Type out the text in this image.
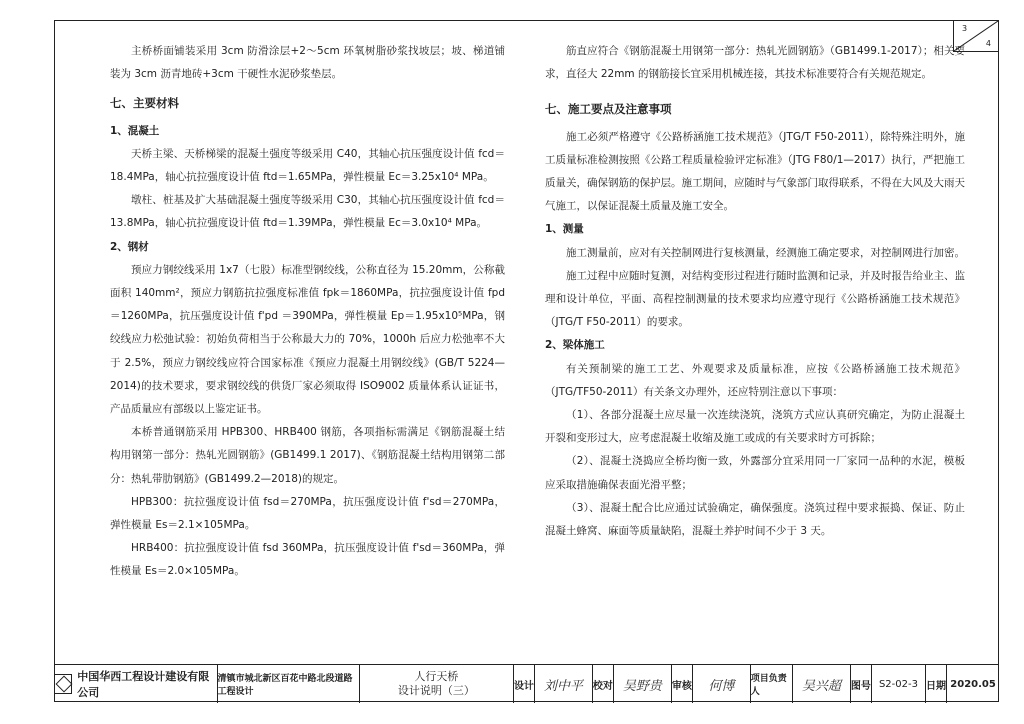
3
4

主桥桥面铺装采用 3cm 防滑涂层+2～5cm 环氧树脂砂浆找坡层；坡、梯道铺装为 3cm 沥青地砖+3cm 干硬性水泥砂浆垫层。

七、主要材料
1、混凝土

天桥主梁、天桥梯梁的混凝土强度等级采用 C40，其轴心抗压强度设计值 fcd＝18.4MPa，轴心抗拉强度设计值 ftd＝1.65MPa，弹性模量 Ec＝3.25x10⁴ MPa。

墩柱、桩基及扩大基础混凝土强度等级采用 C30，其轴心抗压强度设计值 fcd＝13.8MPa，轴心抗拉强度设计值 ftd＝1.39MPa，弹性模量 Ec＝3.0x10⁴ MPa。

2、钢材

预应力钢绞线采用 1x7（七股）标准型钢绞线，公称直径为 15.20mm，公称截面积 140mm²，预应力钢筋抗拉强度标准值 fpk＝1860MPa，抗拉强度设计值 fpd＝1260MPa，抗压强度设计值 f'pd ＝390MPa，弹性模量 Ep＝1.95x10⁵MPa，钢绞线应力松弛试验：初始负荷相当于公称最大力的 70%，1000h 后应力松弛率不大于 2.5%，预应力钢绞线应符合国家标准《预应力混凝土用钢绞线》(GB/T 5224—2014)的技术要求，要求钢绞线的供货厂家必须取得 ISO9002 质量体系认证证书，产品质量应有部级以上鉴定证书。

本桥普通钢筋采用 HPB300、HRB400 钢筋，各项指标需满足《钢筋混凝土结构用钢第一部分：热轧光圆钢筋》(GB1499.1 2017)、《钢筋混凝土结构用钢第二部分：热轧带肋钢筋》(GB1499.2—2018)的规定。

HPB300：抗拉强度设计值 fsd＝270MPa，抗压强度设计值 f'sd＝270MPa，弹性模量 Es＝2.1×105MPa。

HRB400：抗拉强度设计值 fsd 360MPa，抗压强度设计值 f'sd＝360MPa，弹性模量 Es＝2.0×105MPa。

筋直应符合《钢筋混凝土用钢第一部分：热轧光圆钢筋》（GB1499.1-2017）；相关要求，直径大 22mm 的钢筋接长宜采用机械连接，其技术标准要符合有关规范规定。

七、施工要点及注意事项

施工必须严格遵守《公路桥涵施工技术规范》（JTG/T F50-2011），除特殊注明外，施工质量标准检测按照《公路工程质量检验评定标准》（JTG F80/1—2017）执行，严把施工质量关，确保钢筋的保护层。施工期间，应随时与气象部门取得联系，不得在大风及大雨天气施工，以保证混凝土质量及施工安全。

1、测量

施工测量前，应对有关控制网进行复核测量，经测施工确定要求，对控制网进行加密。

施工过程中应随时复测，对结构变形过程进行随时监测和记录，并及时报告给业主、监理和设计单位，平面、高程控制测量的技术要求均应遵守现行《公路桥涵施工技术规范》（JTG/T F50-2011）的要求。

2、梁体施工

有关预制梁的施工工艺、外观要求及质量标准，应按《公路桥涵施工技术规范》（JTG/TF50-2011）有关条文办理外，还应特别注意以下事项：

（1）、各部分混凝土应尽量一次连续浇筑，浇筑方式应认真研究确定，为防止混凝土开裂和变形过大，应考虑混凝土收缩及施工或成的有关要求时方可拆除；

（2）、混凝土浇捣应全桥均衡一致，外露部分宜采用同一厂家同一品种的水泥，模板应采取措施确保表面光滑平整；

（3）、混凝土配合比应通过试验确定，确保强度。浇筑过程中要求振捣、保证、防止混凝土蜂窝、麻面等质量缺陷，混凝土养护时间不少于 3 天。

中国华西工程设计建设有限公司
清镇市城北新区百花中路北段道路工程设计
人行天桥
设计说明（三）	设计 刘中平 校对 吴野贵 审核	何博	项目负责人	吴兴超 图号 S2-02-3 日期 2020.05
